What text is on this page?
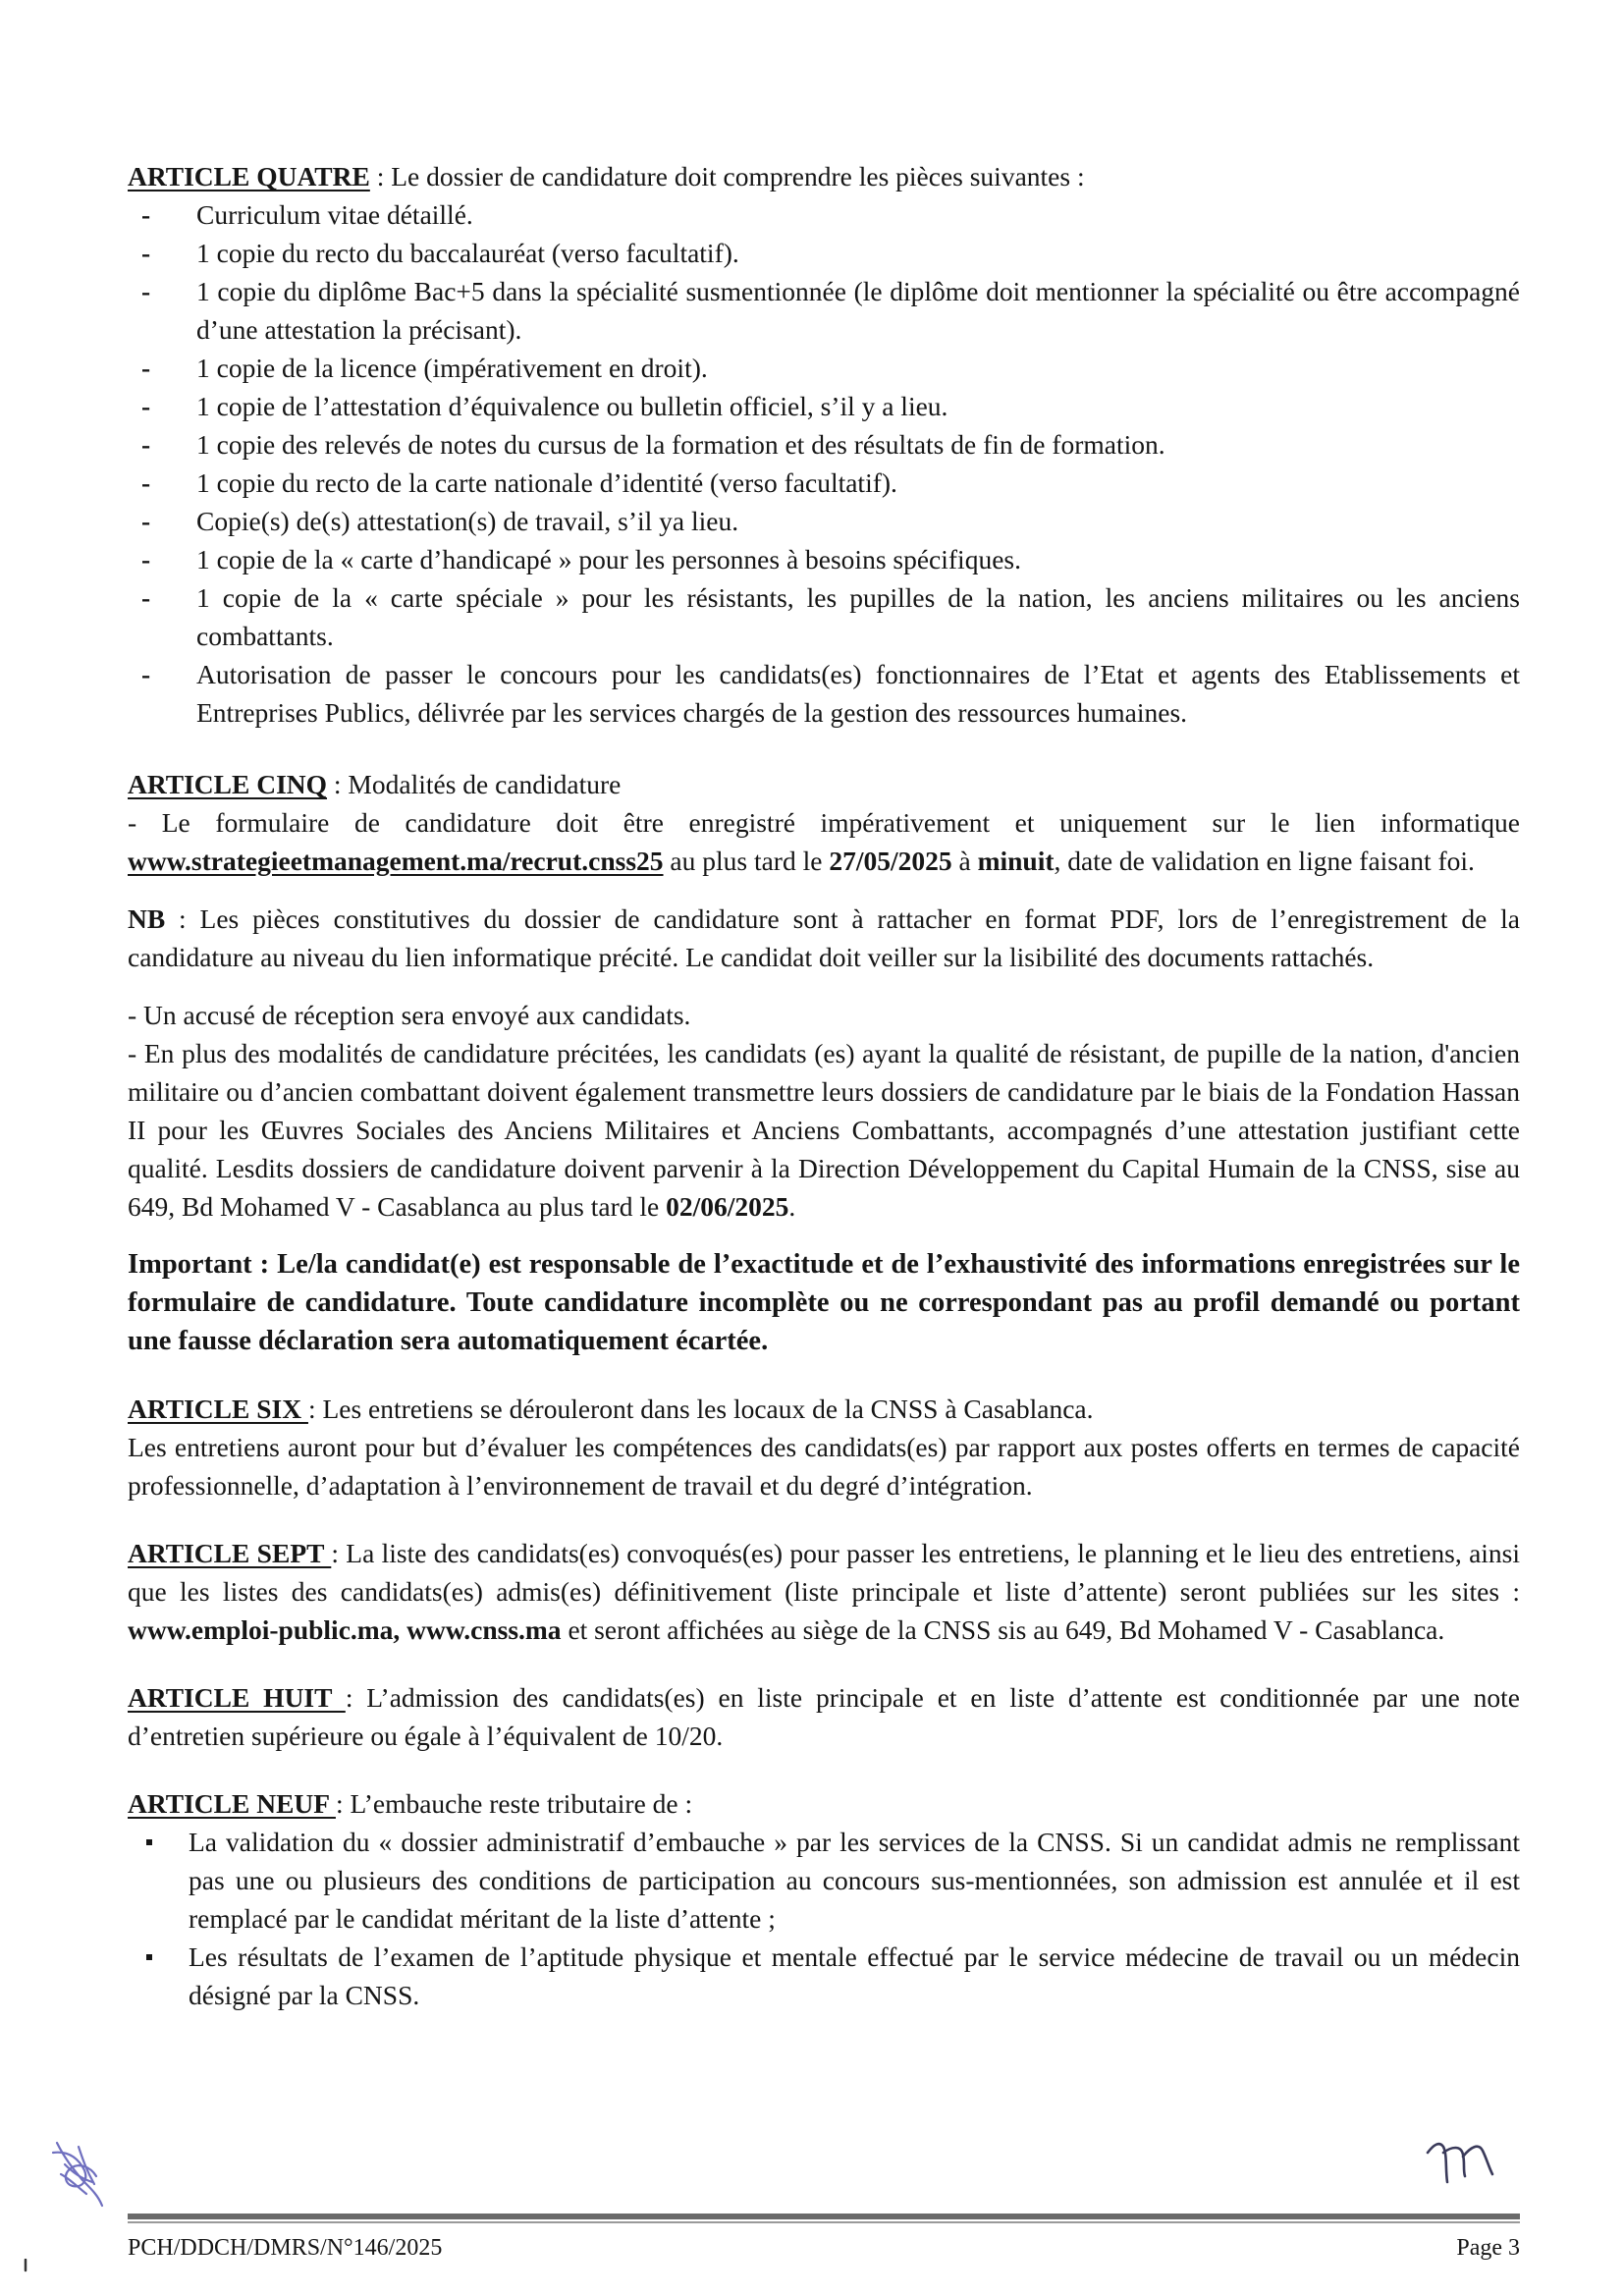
ARTICLE QUATRE : Le dossier de candidature doit comprendre les pièces suivantes :

- Curriculum vitae détaillé.
- 1 copie du recto du baccalauréat (verso facultatif).
- 1 copie du diplôme Bac+5 dans la spécialité susmentionnée (le diplôme doit mentionner la spécialité ou être accompagné d’une attestation la précisant).
- 1 copie de la licence (impérativement en droit).
- 1 copie de l’attestation d’équivalence ou bulletin officiel, s’il y a lieu.
- 1 copie des relevés de notes du cursus de la formation et des résultats de fin de formation.
- 1 copie du recto de la carte nationale d’identité (verso facultatif).
- Copie(s) de(s) attestation(s) de travail, s’il ya lieu.
- 1 copie de la « carte d’handicapé » pour les personnes à besoins spécifiques.
- 1 copie de la « carte spéciale » pour les résistants, les pupilles de la nation, les anciens militaires ou les anciens combattants.
- Autorisation de passer le concours pour les candidats(es) fonctionnaires de l’Etat et agents des Etablissements et Entreprises Publics, délivrée par les services chargés de la gestion des ressources humaines.

ARTICLE CINQ : Modalités de candidature

- Le formulaire de candidature doit être enregistré impérativement et uniquement sur le lien informatique www.strategieetmanagement.ma/recrut.cnss25 au plus tard le 27/05/2025 à minuit, date de validation en ligne faisant foi.

NB : Les pièces constitutives du dossier de candidature sont à rattacher en format PDF, lors de l’enregistrement de la candidature au niveau du lien informatique précité. Le candidat doit veiller sur la lisibilité des documents rattachés.

- Un accusé de réception sera envoyé aux candidats.

- En plus des modalités de candidature précitées, les candidats (es) ayant la qualité de résistant, de pupille de la nation, d'ancien militaire ou d’ancien combattant doivent également transmettre leurs dossiers de candidature par le biais de la Fondation Hassan II pour les Œuvres Sociales des Anciens Militaires et Anciens Combattants, accompagnés d’une attestation justifiant cette qualité. Lesdits dossiers de candidature doivent parvenir à la Direction Développement du Capital Humain de la CNSS, sise au 649, Bd Mohamed V - Casablanca au plus tard le 02/06/2025.

Important : Le/la candidat(e) est responsable de l’exactitude et de l’exhaustivité des informations enregistrées sur le formulaire de candidature. Toute candidature incomplète ou ne correspondant pas au profil demandé ou portant une fausse déclaration sera automatiquement écartée.

ARTICLE SIX : Les entretiens se dérouleront dans les locaux de la CNSS à Casablanca.

Les entretiens auront pour but d’évaluer les compétences des candidats(es) par rapport aux postes offerts en termes de capacité professionnelle, d’adaptation à l’environnement de travail et du degré d’intégration.

ARTICLE SEPT : La liste des candidats(es) convoqués(es) pour passer les entretiens, le planning et le lieu des entretiens, ainsi que les listes des candidats(es) admis(es) définitivement (liste principale et liste d’attente) seront publiées sur les sites : www.emploi-public.ma, www.cnss.ma et seront affichées au siège de la CNSS sis au 649, Bd Mohamed V - Casablanca.

ARTICLE HUIT : L’admission des candidats(es) en liste principale et en liste d’attente est conditionnée par une note d’entretien supérieure ou égale à l’équivalent de 10/20.

ARTICLE NEUF : L’embauche reste tributaire de :

La validation du « dossier administratif d’embauche » par les services de la CNSS. Si un candidat admis ne remplissant pas une ou plusieurs des conditions de participation au concours sus-mentionnées, son admission est annulée et il est remplacé par le candidat méritant de la liste d’attente ;
Les résultats de l’examen de l’aptitude physique et mentale effectué par le service médecine de travail ou un médecin désigné par la CNSS.
PCH/DDCH/DMRS/N°146/2025	Page 3
